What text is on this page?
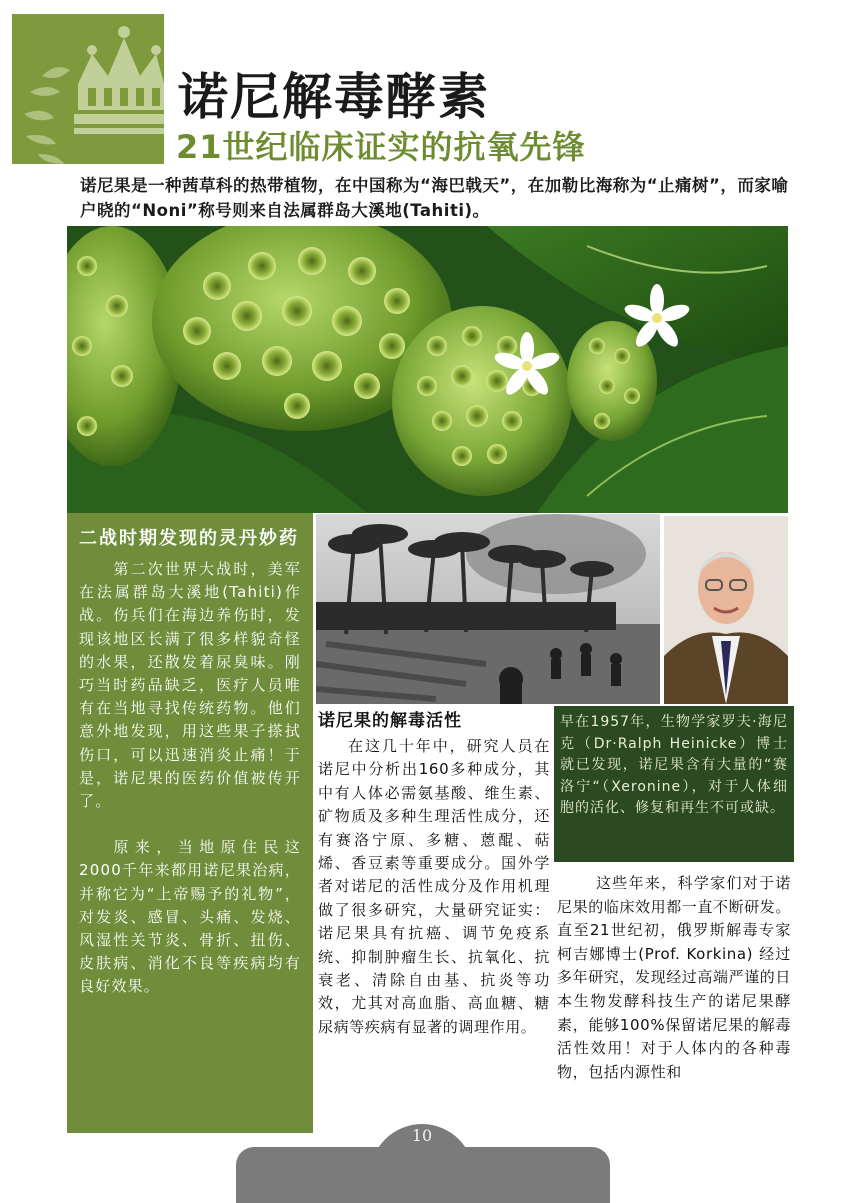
诺尼解毒酵素
21世纪临床证实的抗氧先锋

诺尼果是一种茜草科的热带植物，在中国称为“海巴戟天”，在加勒比海称为“止痛树”，而家喻户晓的“Noni”称号则来自法属群岛大溪地(Tahiti)。

二战时期发现的灵丹妙药

第二次世界大战时，美军在法属群岛大溪地(Tahiti)作战。伤兵们在海边养伤时，发现该地区长满了很多样貌奇怪的水果，还散发着尿臭味。刚巧当时药品缺乏，医疗人员唯有在当地寻找传统药物。他们意外地发现，用这些果子搽拭伤口，可以迅速消炎止痛！于是，诺尼果的医药价值被传开了。

原来，当地原住民这2000千年来都用诺尼果治病，并称它为“上帝赐予的礼物”，对发炎、感冒、头痛、发烧、风湿性关节炎、骨折、扭伤、皮肤病、消化不良等疾病均有良好效果。

诺尼果的解毒活性

在这几十年中，研究人员在诺尼中分析出160多种成分，其中有人体必需氨基酸、维生素、矿物质及多种生理活性成分，还有赛洛宁原、多糖、蒽醌、萜烯、香豆素等重要成分。国外学者对诺尼的活性成分及作用机理做了很多研究，大量研究证实：诺尼果具有抗癌、调节免疫系统、抑制肿瘤生长、抗氧化、抗衰老、清除自由基、抗炎等功效，尤其对高血脂、高血糖、糖尿病等疾病有显著的调理作用。

早在1957年，生物学家罗夫·海尼克（Dr·Ralph Heinicke）博士就已发现，诺尼果含有大量的“赛洛宁“（Xeronine），对于人体细胞的活化、修复和再生不可或缺。

这些年来，科学家们对于诺尼果的临床效用都一直不断研发。直至21世纪初，俄罗斯解毒专家柯吉娜博士(Prof. Korkina) 经过多年研究，发现经过高端严谨的日本生物发酵科技生产的诺尼果酵素，能够100%保留诺尼果的解毒活性效用！对于人体内的各种毒物，包括内源性和

10
